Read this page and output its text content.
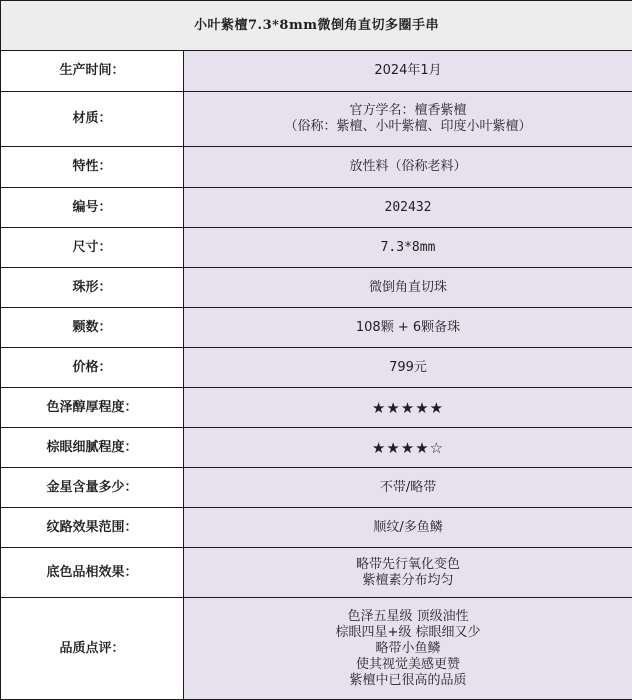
小叶紫檀7.3*8mm微倒角直切多圈手串	
生产时间：	2024年1月

材质：	官方学名：檀香紫檀
（俗称：紫檀、小叶紫檀、印度小叶紫檀）

特性：	放性料（俗称老料）

编号：	202432

尺寸：	7.3*8mm

珠形：	微倒角直切珠

颗数：	108颗 + 6颗备珠

价格：	799元

色泽醇厚程度：	★★★★★

棕眼细腻程度：	★★★★☆

金星含量多少：	不带/略带

纹路效果范围：	顺纹/多鱼鳞

底色品相效果：	略带先行氧化变色
紫檀素分布均匀

品质点评：	色泽五星级 顶级油性
棕眼四星+级 棕眼细又少
略带小鱼鳞
使其视觉美感更赞
紫檀中已很高的品质
